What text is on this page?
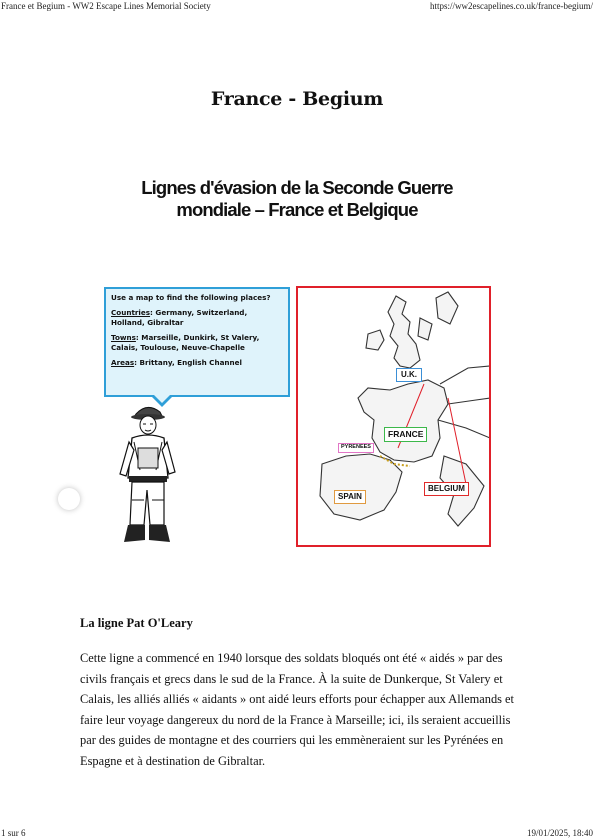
France et Begium - WW2 Escape Lines Memorial Society	https://ww2escapelines.co.uk/france-begium/
France - Begium
Lignes d'évasion de la Seconde Guerre
mondiale – France et Belgique

Use a map to find the following places?

Countries: Germany, Switzerland, Holland, Gibraltar

Towns: Marseille, Dunkirk, St Valery, Calais, Toulouse, Neuve-Chapelle

Areas: Brittany, English Channel

U.K.
FRANCE
PYRENEES
SPAIN
BELGIUM
La ligne Pat O'Leary

Cette ligne a commencé en 1940 lorsque des soldats bloqués ont été « aidés » par des civils français et grecs dans le sud de la France. À la suite de Dunkerque, St Valery et Calais, les alliés alliés « aidants » ont aidé leurs efforts pour échapper aux Allemands et faire leur voyage dangereux du nord de la France à Marseille; ici, ils seraient accueillis par des guides de montagne et des courriers qui les emmèneraient sur les Pyrénées en Espagne et à destination de Gibraltar.

1 sur 6	19/01/2025, 18:40
